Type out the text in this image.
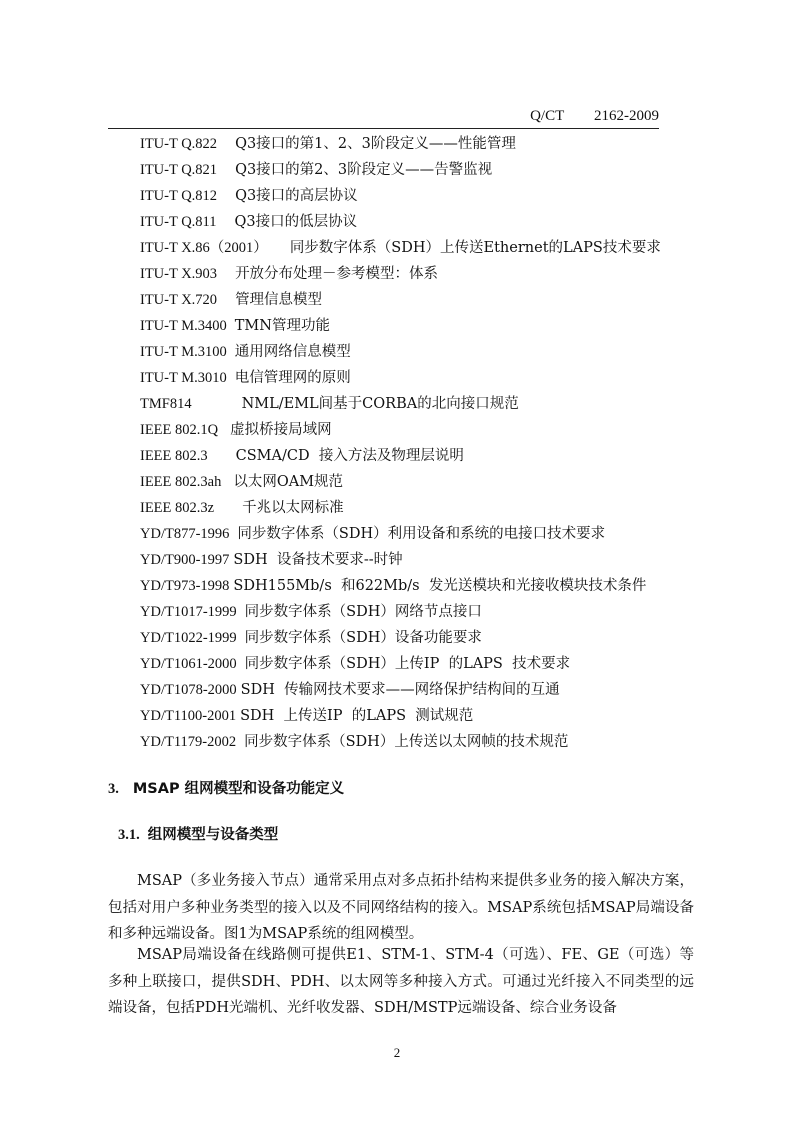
Q/CT        2162-2009
ITU-T Q.822 Q3接口的第1、2、3阶段定义——性能管理
ITU-T Q.821 Q3接口的第2、3阶段定义——告警监视
ITU-T Q.812 Q3接口的高层协议
ITU-T Q.811 Q3接口的低层协议
ITU-T X.86（2001） 同步数字体系（SDH）上传送Ethernet的LAPS技术要求
ITU-T X.903 开放分布处理－参考模型：体系
ITU-T X.720 管理信息模型
ITU-T M.3400 TMN管理功能
ITU-T M.3100 通用网络信息模型
ITU-T M.3010 电信管理网的原则
TMF814	NML/EML间基于CORBA的北向接口规范
IEEE 802.1Q 虚拟桥接局域网
IEEE 802.3 CSMA/CD  接入方法及物理层说明
IEEE 802.3ah 以太网OAM规范
IEEE 802.3z 千兆以太网标准
YD/T877-1996 同步数字体系（SDH）利用设备和系统的电接口技术要求
YD/T900-1997 SDH  设备技术要求--时钟
YD/T973-1998 SDH155Mb/s  和622Mb/s  发光送模块和光接收模块技术条件
YD/T1017-1999 同步数字体系（SDH）网络节点接口
YD/T1022-1999 同步数字体系（SDH）设备功能要求
YD/T1061-2000 同步数字体系（SDH）上传IP  的LAPS  技术要求
YD/T1078-2000 SDH  传输网技术要求——网络保护结构间的互通
YD/T1100-2001 SDH  上传送IP  的LAPS  测试规范
YD/T1179-2002 同步数字体系（SDH）上传送以太网帧的技术规范
3. MSAP 组网模型和设备功能定义
3.1. 组网模型与设备类型

MSAP（多业务接入节点）通常采用点对多点拓扑结构来提供多业务的接入解决方案，包括对用户多种业务类型的接入以及不同网络结构的接入。MSAP系统包括MSAP局端设备和多种远端设备。图1为MSAP系统的组网模型。

MSAP局端设备在线路侧可提供E1、STM-1、STM-4（可选）、FE、GE（可选）等多种上联接口，提供SDH、PDH、以太网等多种接入方式。可通过光纤接入不同类型的远端设备，包括PDH光端机、光纤收发器、SDH/MSTP远端设备、综合业务设备

2
